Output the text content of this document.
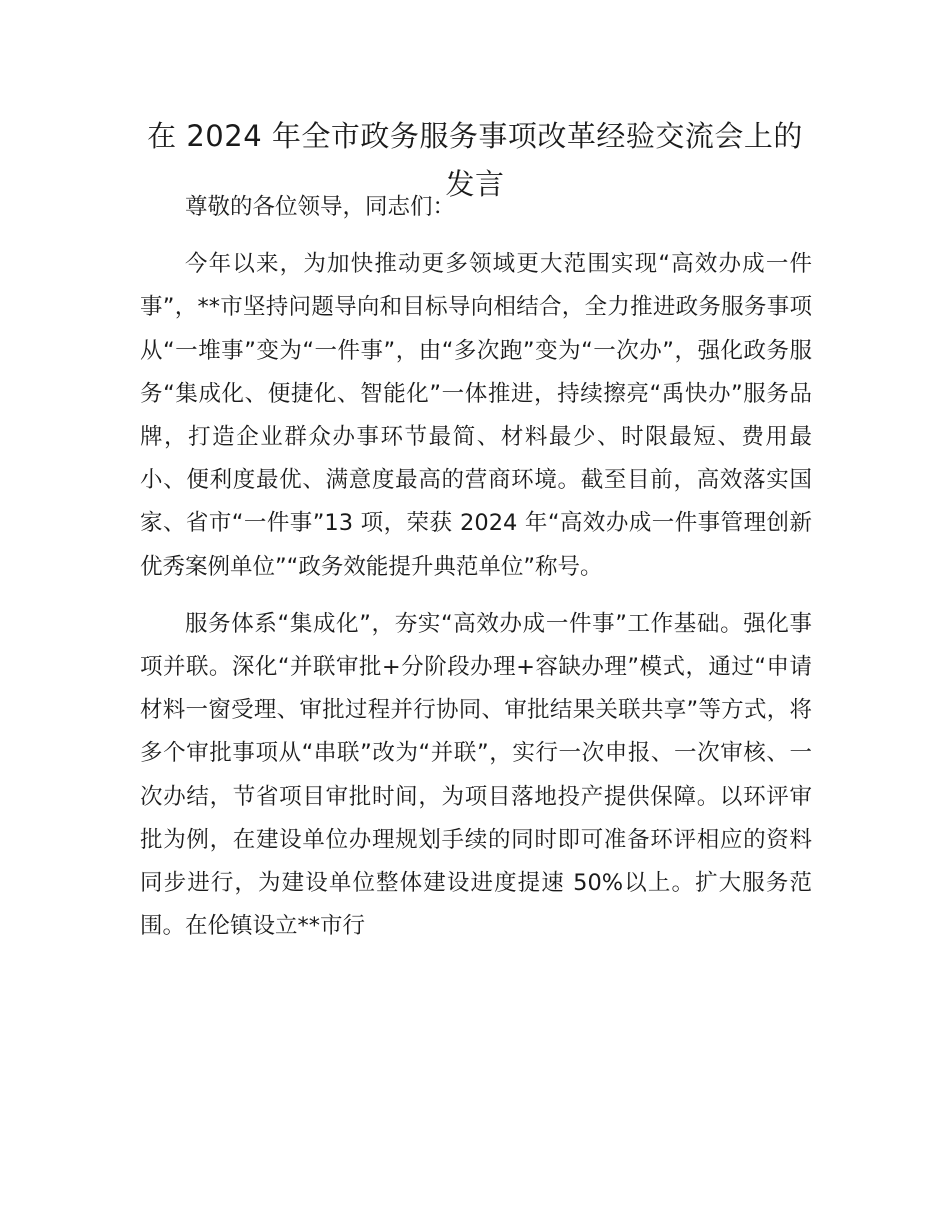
在 2024 年全市政务服务事项改革经验交流会上的发言

尊敬的各位领导，同志们：

今年以来，为加快推动更多领域更大范围实现“高效办成一件事”，**市坚持问题导向和目标导向相结合，全力推进政务服务事项从“一堆事”变为“一件事”，由“多次跑”变为“一次办”，强化政务服务“集成化、便捷化、智能化”一体推进，持续擦亮“禹快办”服务品牌，打造企业群众办事环节最简、材料最少、时限最短、费用最小、便利度最优、满意度最高的营商环境。截至目前，高效落实国家、省市“一件事”13 项，荣获 2024 年“高效办成一件事管理创新优秀案例单位”“政务效能提升典范单位”称号。

服务体系“集成化”，夯实“高效办成一件事”工作基础。强化事项并联。深化“并联审批+分阶段办理+容缺办理”模式，通过“申请材料一窗受理、审批过程并行协同、审批结果关联共享”等方式，将多个审批事项从“串联”改为“并联”，实行一次申报、一次审核、一次办结，节省项目审批时间，为项目落地投产提供保障。以环评审批为例，在建设单位办理规划手续的同时即可准备环评相应的资料同步进行，为建设单位整体建设进度提速 50%以上。扩大服务范围。在伦镇设立**市行
